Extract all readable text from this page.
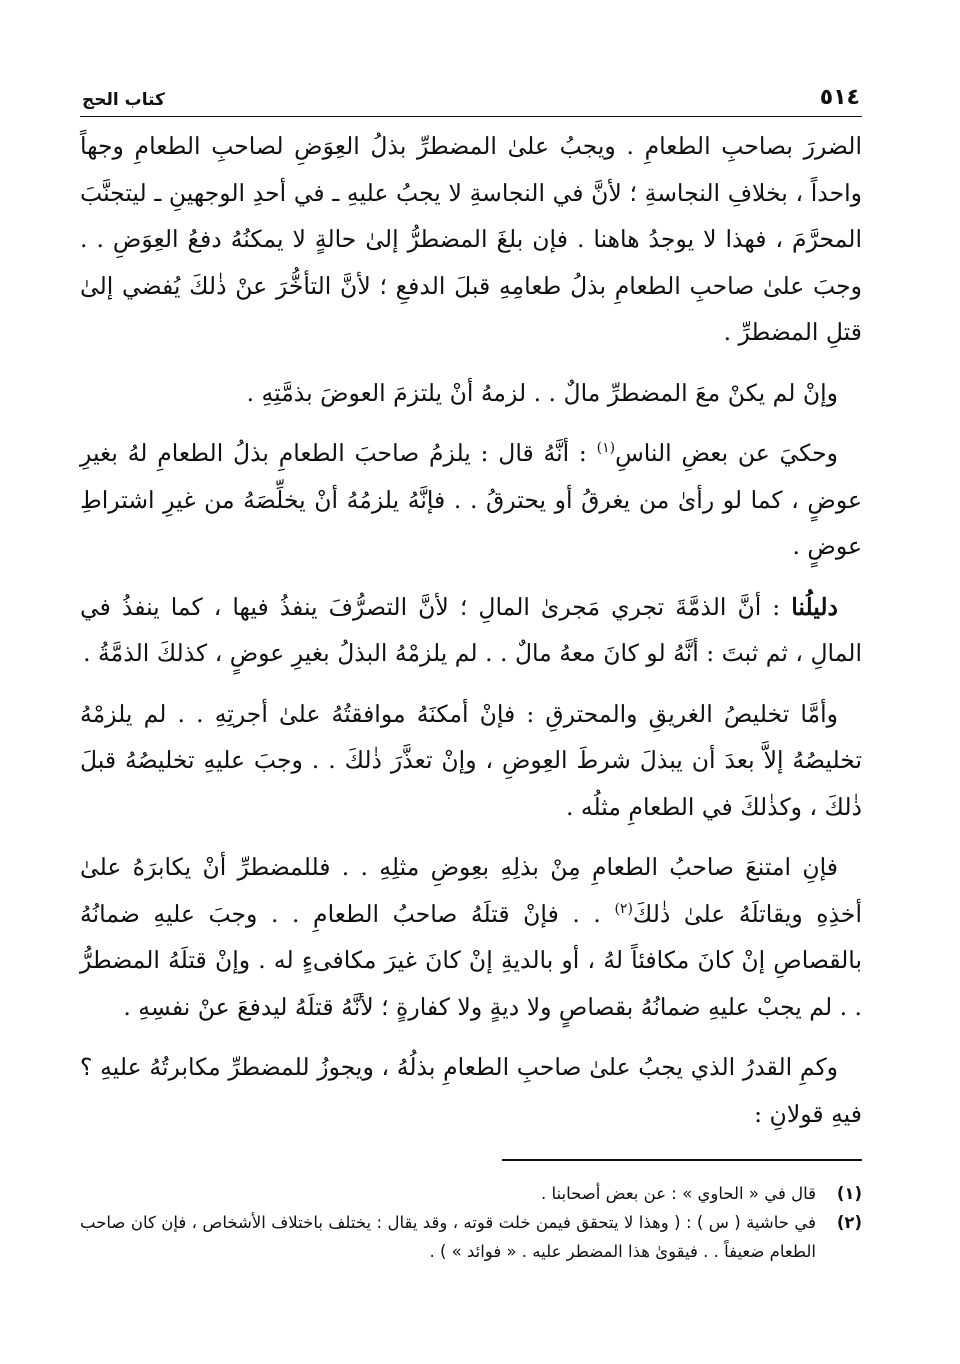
٥١٤
كتاب الحج

الضررَ بصاحبِ الطعامِ . ويجبُ علىٰ المضطرِّ بذلُ العِوَضِ لصاحبِ الطعامِ وجهاً واحداً ، بخلافِ النجاسةِ ؛ لأنَّ في النجاسةِ لا يجبُ عليهِ ـ في أحدِ الوجهينِ ـ ليتجنَّبَ المحرَّمَ ، فهذا لا يوجدُ هاهنا . فإن بلغَ المضطرُّ إلىٰ حالةٍ لا يمكنُهُ دفعُ العِوَضِ . . وجبَ علىٰ صاحبِ الطعامِ بذلُ طعامِهِ قبلَ الدفعِ ؛ لأنَّ التأخُّرَ عنْ ذٰلكَ يُفضي إلىٰ قتلِ المضطرِّ .

وإنْ لم يكنْ معَ المضطرِّ مالٌ . . لزمهُ أنْ يلتزمَ العوضَ بذمَّتِهِ .

وحكيَ عن بعضِ الناسِ$^{(١)}$ : أنَّهُ قال : يلزمُ صاحبَ الطعامِ بذلُ الطعامِ لهُ بغيرِ عوضٍ ، كما لو رأىٰ من يغرقُ أو يحترقُ . . فإنَّهُ يلزمُهُ أنْ يخلِّصَهُ من غيرِ اشتراطِ عوضٍ .

دليلُنا : أنَّ الذمَّةَ تجري مَجرىٰ المالِ ؛ لأنَّ التصرُّفَ ينفذُ فيها ، كما ينفذُ في المالِ ، ثم ثبتَ : أنَّهُ لو كانَ معهُ مالٌ . . لم يلزمْهُ البذلُ بغيرِ عوضٍ ، كذلكَ الذمَّةُ .

وأمَّا تخليصُ الغريقِ والمحترقِ : فإنْ أمكنَهُ موافقتُهُ علىٰ أجرتِهِ . . لم يلزمْهُ تخليصُهُ إلاَّ بعدَ أن يبذلَ شرطَ العِوضِ ، وإنْ تعذَّرَ ذٰلكَ . . وجبَ عليهِ تخليصُهُ قبلَ ذٰلكَ ، وكذٰلكَ في الطعامِ مثلُه .

فإنِ امتنعَ صاحبُ الطعامِ مِنْ بذلِهِ بعِوضِ مثلِهِ . . فللمضطرِّ أنْ يكابرَهُ علىٰ أخذِهِ ويقاتلَهُ علىٰ ذٰلكَ$^{(٢)}$ . . فإنْ قتلَهُ صاحبُ الطعامِ . . وجبَ عليهِ ضمانُهُ بالقصاصِ إنْ كانَ مكافئاً لهُ ، أو بالديةِ إنْ كانَ غيرَ مكافىءٍ له . وإنْ قتلَهُ المضطرُّ . . لم يجبْ عليهِ ضمانُهُ بقصاصٍ ولا ديةٍ ولا كفارةٍ ؛ لأنَّهُ قتلَهُ ليدفعَ عنْ نفسِهِ .

وكمِ القدرُ الذي يجبُ علىٰ صاحبِ الطعامِ بذلُهُ ، ويجوزُ للمضطرِّ مكابرتُهُ عليهِ ؟ فيهِ قولانِ :

(١)
قال في « الحاوي » : عن بعض أصحابنا .
(٢)
في حاشية ( س ) : ( وهذا لا يتحقق فيمن خلت قوته ، وقد يقال : يختلف باختلاف الأشخاص ، فإن كان صاحب الطعام ضعيفاً . . فيقوىٰ هذا المضطر عليه . « فوائد » ) .
